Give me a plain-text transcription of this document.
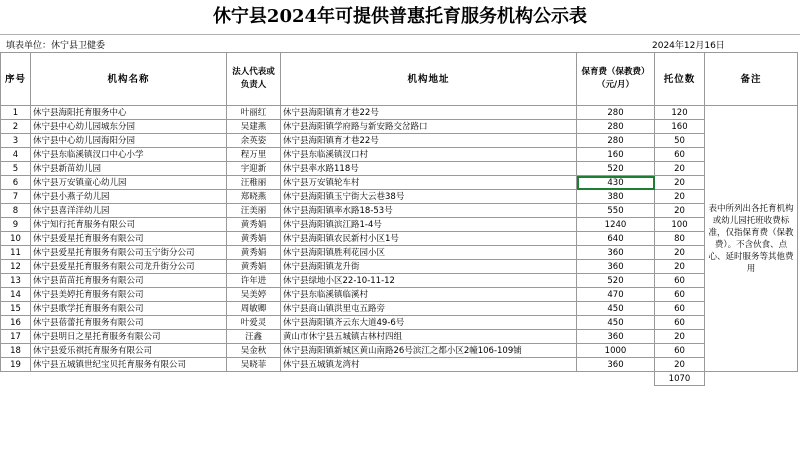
休宁县2024年可提供普惠托育服务机构公示表
填表单位：休宁县卫健委	2024年12月16日
序号	机构名称	法人代表或负责人	机构地址	保育费（保教费）（元/月）	托位数	备注
1	休宁县海阳托育服务中心	叶丽红	休宁县海阳镇育才巷22号	280	120	表中所列出各托育机构或幼儿园托班收费标准，仅指保育费（保教费）。不含伙食、点心、延时服务等其他费用
2	休宁县中心幼儿园城东分园	吴建燕	休宁县海阳镇学府路与新安路交岔路口	280	160	
3	休宁县中心幼儿园海阳分园	余英姿	休宁县海阳镇育才巷22号	280	50	
4	休宁县东临溪镇汊口中心小学	程万里	休宁县东临溪镇汊口村	160	60	
5	休宁县新苗幼儿园	宇迎新	休宁县率水路118号	520	20	
6	休宁县万安镇童心幼儿园	汪稚丽	休宁县万安镇轮车村	430	20	
7	休宁县小燕子幼儿园	郑晓燕	休宁县海阳镇玉宁街大云巷38号	380	20	
8	休宁县喜洋洋幼儿园	汪美丽	休宁县海阳镇率水路18-53号	550	20	
9	休宁知行托育服务有限公司	黄秀娟	休宁县海阳镇滨江路1-4号	1240	100	
10	休宁县爱星托育服务有限公司	黄秀娟	休宁县海阳镇农民新村小区1号	640	80	
11	休宁县爱星托育服务有限公司玉宁街分公司	黄秀娟	休宁县海阳镇胜利花园小区	360	20	
12	休宁县爱星托育服务有限公司龙升街分公司	黄秀娟	休宁县海阳镇龙升街	360	20	
13	休宁县苗苗托育服务有限公司	许年进	休宁县绿地小区22-10-11-12	520	60	
14	休宁县美婷托育服务有限公司	吴美婷	休宁县东临溪镇临溪村	470	60	
15	休宁县歌学托育服务有限公司	周敏卿	休宁县商山镇洪里屯五路旁	450	60	
16	休宁县蓓蕾托育服务有限公司	叶爱灵	休宁县海阳镇齐云东大道49-6号	450	60	
17	休宁县明日之星托育服务有限公司	汪鑫	黄山市休宁县五城镇古林村四组	360	20	
18	休宁县爱乐祺托育服务有限公司	吴金秋	休宁县海阳镇新城区黄山南路26号滨江之都小区2幢106-109铺	1000	60	
19	休宁县五城镇世纪宝贝托育服务有限公司	吴晓菲	休宁县五城镇龙湾村	360	20	
					1070	
